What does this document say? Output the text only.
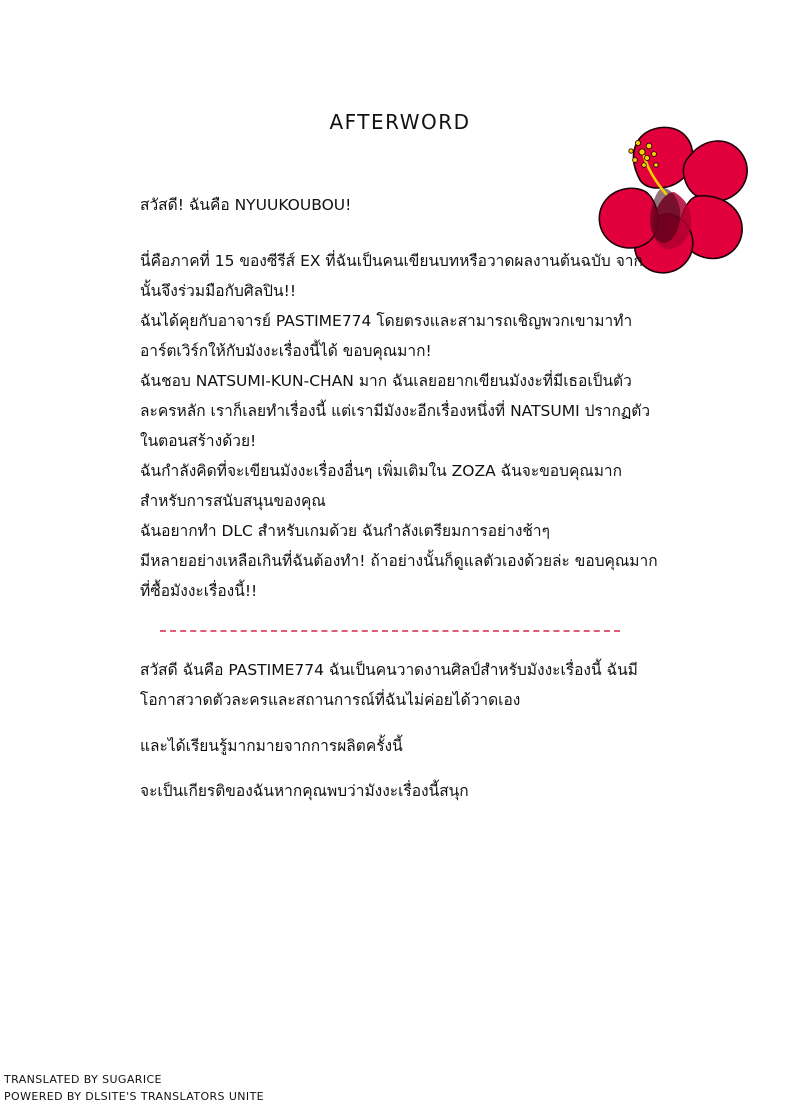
AFTERWORD
สวัสดี! ฉันคือ NYUUKOUBOU!

นี่คือภาคที่ 15 ของซีรีส์ EX ที่ฉันเป็นคนเขียนบทหรือวาดผลงานต้นฉบับ จากนั้นจึงร่วมมือกับศิลปิน!!

ฉันได้คุยกับอาจารย์ PASTIME774 โดยตรงและสามารถเชิญพวกเขามาทำอาร์ตเวิร์กให้กับมังงะเรื่องนี้ได้ ขอบคุณมาก!

ฉันชอบ NATSUMI-KUN-CHAN มาก ฉันเลยอยากเขียนมังงะที่มีเธอเป็นตัวละครหลัก เราก็เลยทำเรื่องนี้ แต่เรามีมังงะอีกเรื่องหนึ่งที่ NATSUMI ปรากฏตัวในตอนสร้างด้วย!

ฉันกำลังคิดที่จะเขียนมังงะเรื่องอื่นๆ เพิ่มเติมใน ZOZA ฉันจะขอบคุณมากสำหรับการสนับสนุนของคุณ

ฉันอยากทำ DLC สำหรับเกมด้วย ฉันกำลังเตรียมการอย่างช้าๆ

มีหลายอย่างเหลือเกินที่ฉันต้องทำ! ถ้าอย่างนั้นก็ดูแลตัวเองด้วยล่ะ ขอบคุณมากที่ซื้อมังงะเรื่องนี้!!

สวัสดี ฉันคือ PASTIME774 ฉันเป็นคนวาดงานศิลป์สำหรับมังงะเรื่องนี้ ฉันมีโอกาสวาดตัวละครและสถานการณ์ที่ฉันไม่ค่อยได้วาดเอง

และได้เรียนรู้มากมายจากการผลิตครั้งนี้

จะเป็นเกียรติของฉันหากคุณพบว่ามังงะเรื่องนี้สนุก

TRANSLATED BY SUGARICE
POWERED BY DLSITE'S TRANSLATORS UNITE
